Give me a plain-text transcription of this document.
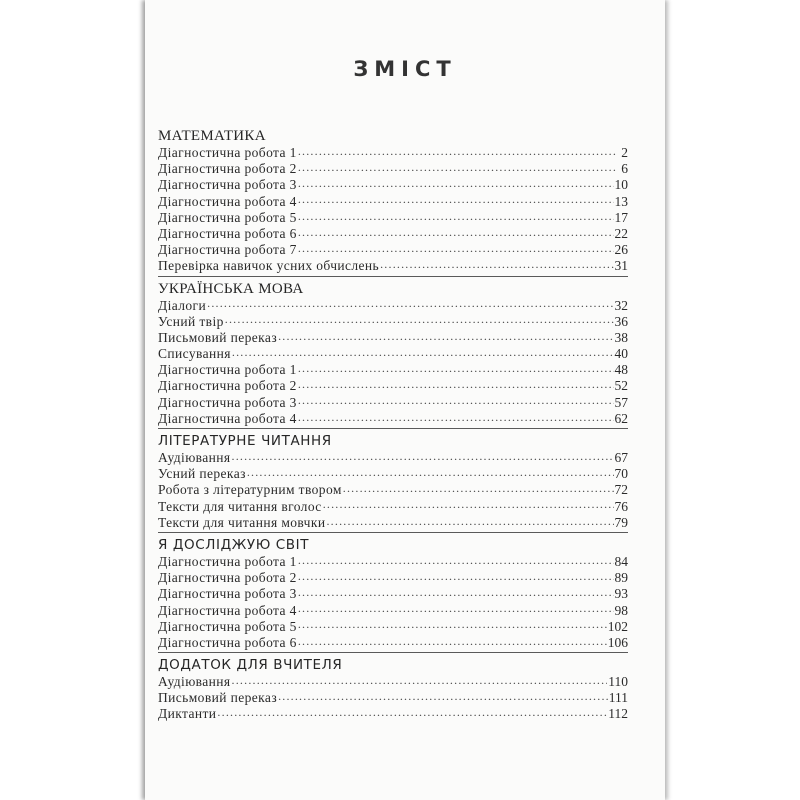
ЗМІСТ
МАТЕМАТИКА
Діагностична робота 1 .....	2
Діагностична робота 2 .....	6
Діагностична робота 3 .....	10
Діагностична робота 4 .....	13
Діагностична робота 5 .....	17
Діагностична робота 6 .....	22
Діагностична робота 7 .....	26
Перевірка навичок усних обчислень .....	31
УКРАЇНСЬКА МОВА
Діалоги .....	32
Усний твір .....	36
Письмовий переказ .....	38
Списування .....	40
Діагностична робота 1 .....	48
Діагностична робота 2 .....	52
Діагностична робота 3 .....	57
Діагностична робота 4 .....	62
ЛІТЕРАТУРНЕ ЧИТАННЯ
Аудіювання .....	67
Усний переказ .....	70
Робота з літературним твором .....	72
Тексти для читання вголос .....	76
Тексти для читання мовчки .....	79
Я ДОСЛІДЖУЮ СВІТ
Діагностична робота 1 .....	84
Діагностична робота 2 .....	89
Діагностична робота 3 .....	93
Діагностична робота 4 .....	98
Діагностична робота 5 .....	102
Діагностична робота 6 .....	106
ДОДАТОК ДЛЯ ВЧИТЕЛЯ
Аудіювання .....	110
Письмовий переказ .....	111
Диктанти .....	112
